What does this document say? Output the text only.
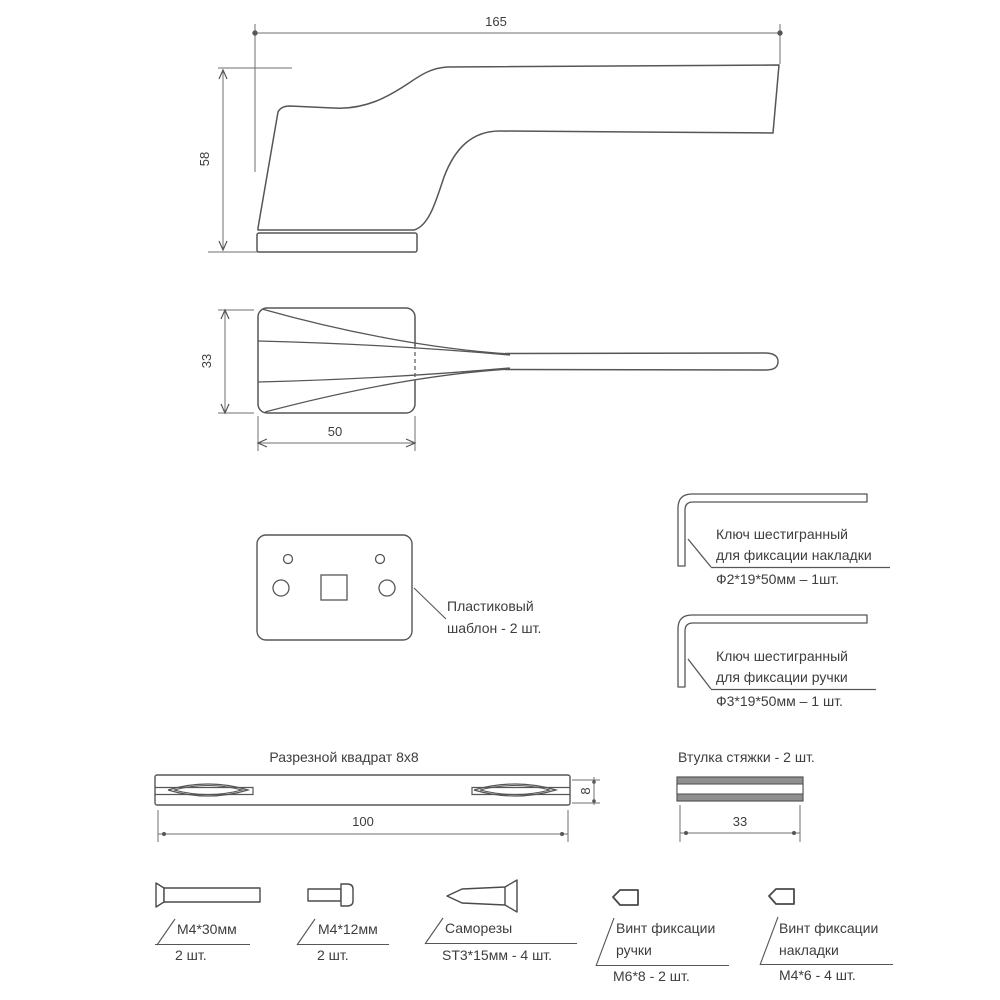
165
58
33
50
Пластиковый
шаблон - 2 шт.
Ключ шестигранный
для фиксации накладки
Ф2*19*50мм – 1шт.
Ключ шестигранный
для фиксации ручки
Ф3*19*50мм – 1 шт.
Разрезной квадрат 8х8
100
8
Втулка стяжки - 2 шт.
33
M4*30мм
2 шт.
M4*12мм
2 шт.
Саморезы
ST3*15мм - 4 шт.
Винт фиксации
ручки
M6*8 - 2 шт.
Винт фиксации
накладки
M4*6 - 4 шт.
